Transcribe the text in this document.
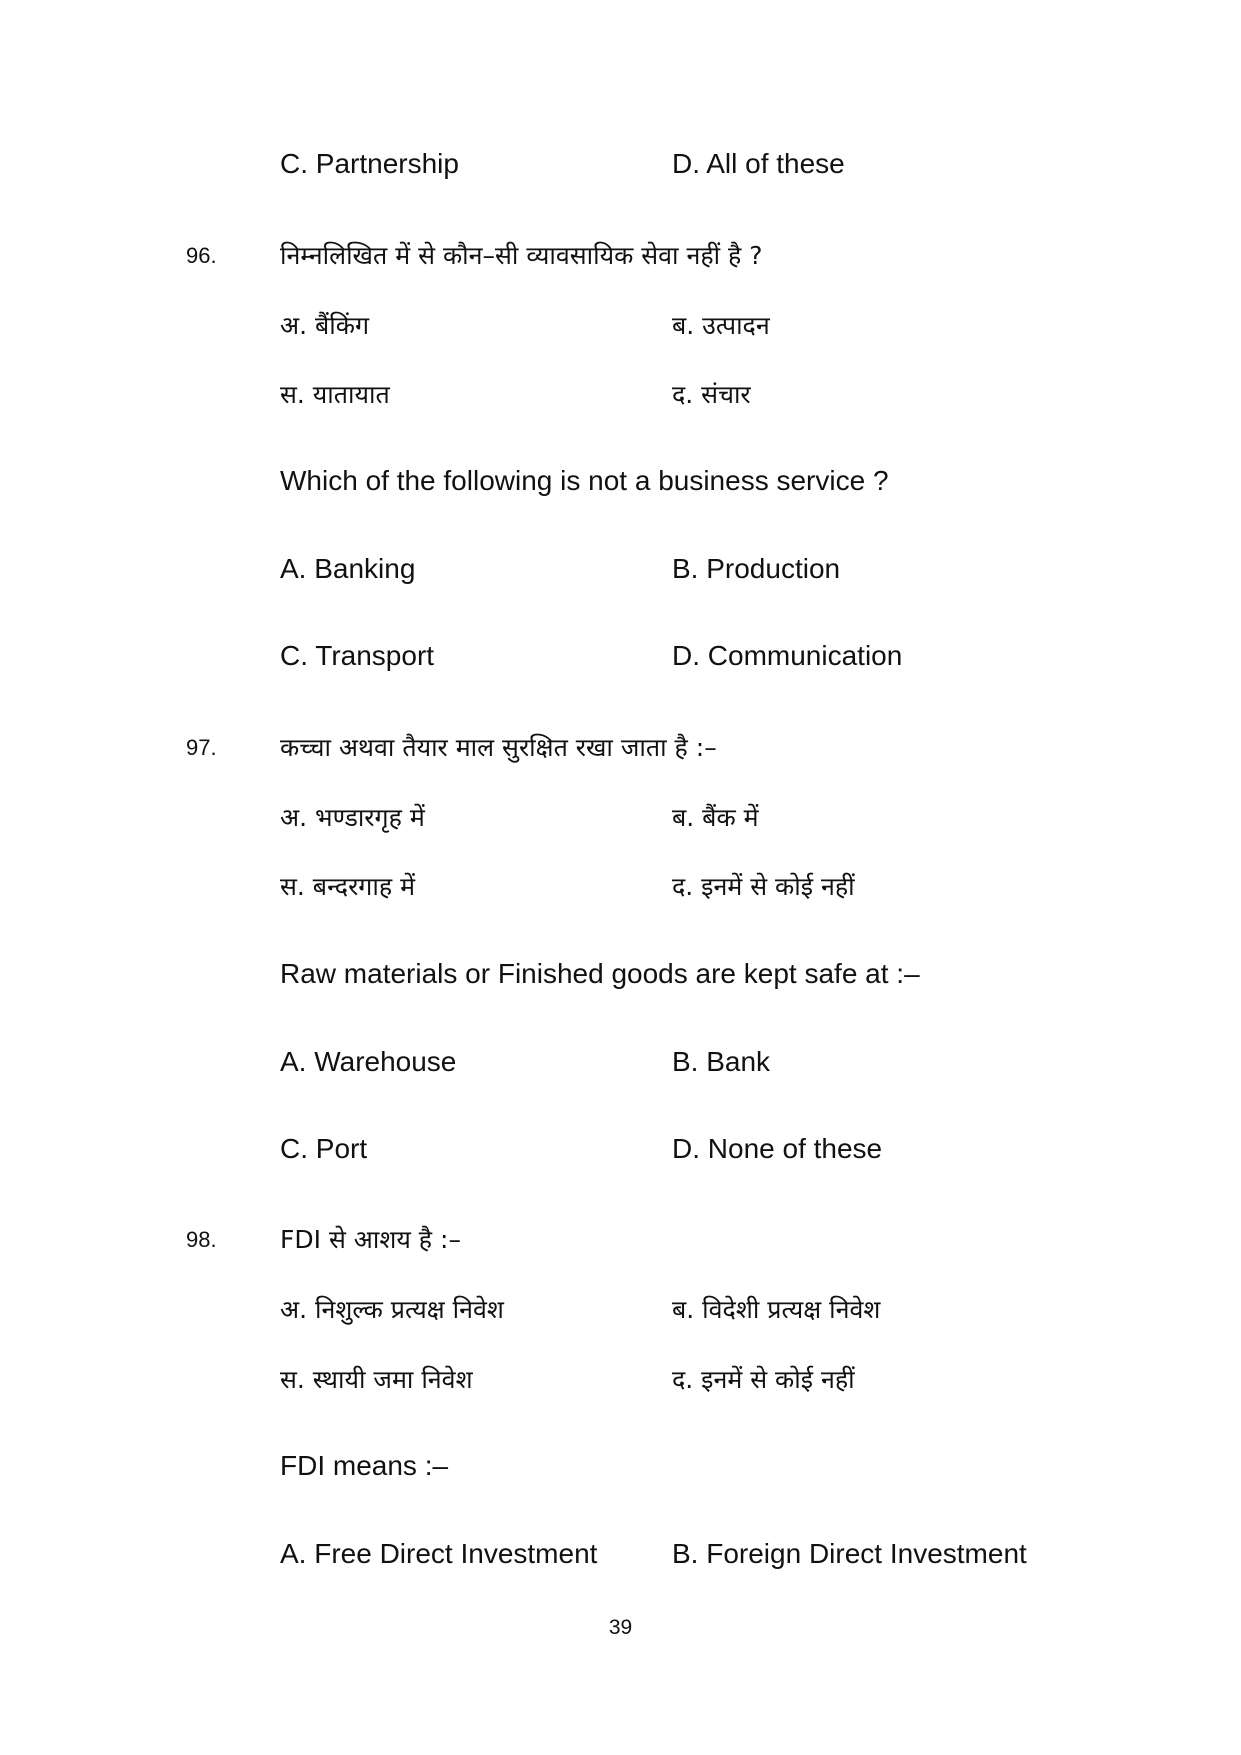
C. Partnership	D. All of these
96.	निम्नलिखित में से कौन–सी व्यावसायिक सेवा नहीं है ?
अ. बैंकिंग	ब. उत्पादन
स. यातायात	द. संचार
Which of the following is not a business service ?
A. Banking	B. Production
C. Transport	D. Communication
97.	कच्चा अथवा तैयार माल सुरक्षित रखा जाता है :–
अ. भण्डारगृह में	ब. बैंक में
स. बन्दरगाह में	द. इनमें से कोई नहीं
Raw materials or Finished goods are kept safe at :–
A. Warehouse	B. Bank
C. Port	D. None of these
98.	FDI से आशय है :–
अ. निशुल्क प्रत्यक्ष निवेश	ब. विदेशी प्रत्यक्ष निवेश
स. स्थायी जमा निवेश	द. इनमें से कोई नहीं
FDI means :–
A. Free Direct Investment	B. Foreign Direct Investment
39
